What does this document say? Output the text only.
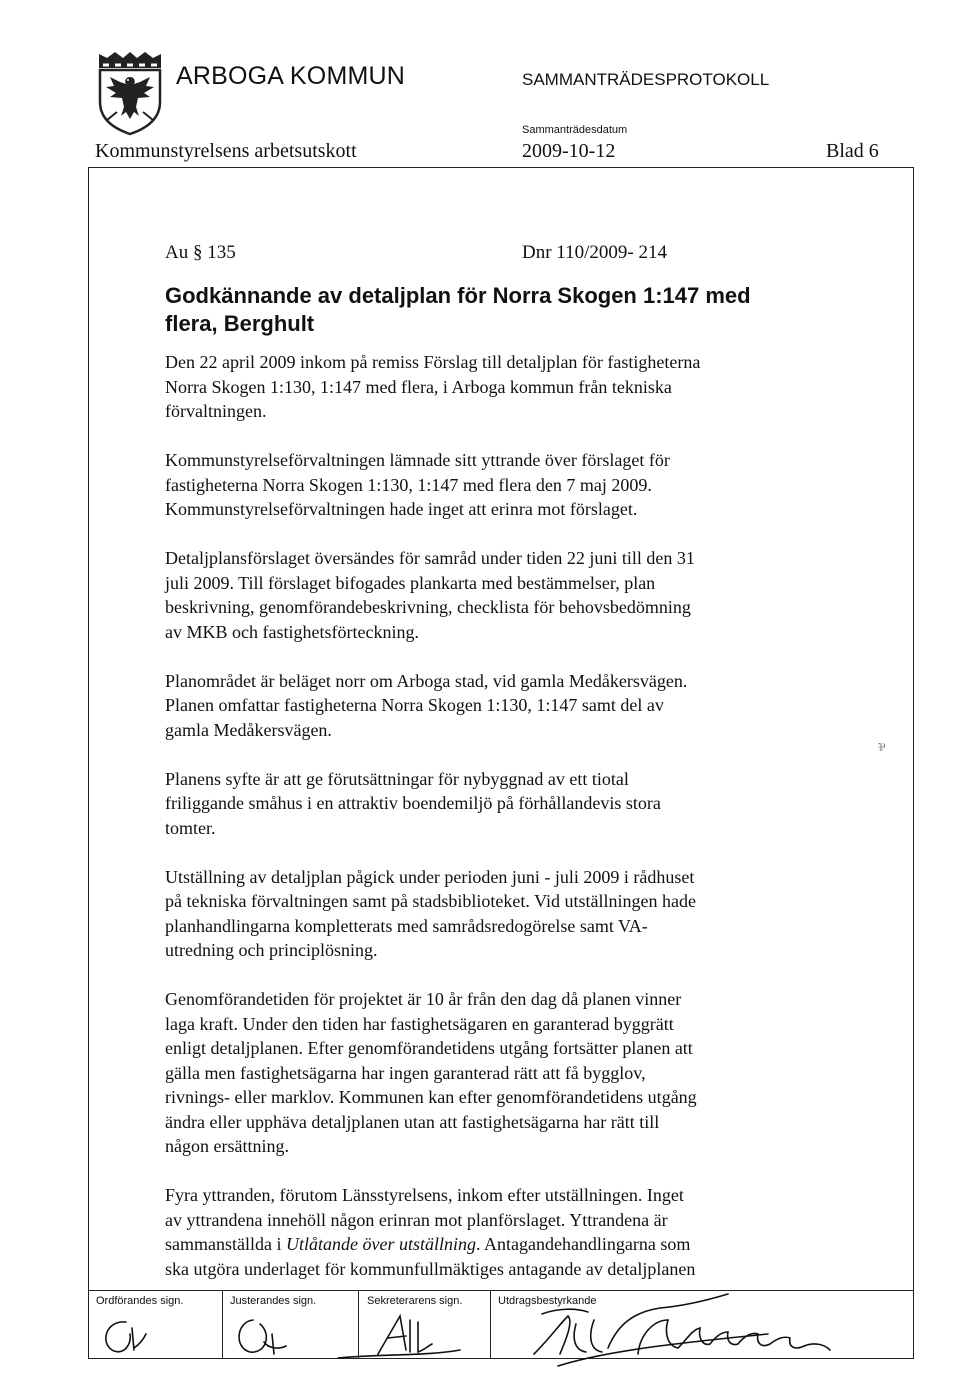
ARBOGA KOMMUN	SAMMANTRÄDESPROTOKOLL
Sammanträdesdatum
Kommunstyrelsens arbetsutskott	2009-10-12	Blad 6
Au § 135	Dnr 110/2009- 214
Godkännande av detaljplan för Norra Skogen 1:147 med
flera, Berghult

Den 22 april 2009 inkom på remiss Förslag till detaljplan för fastigheterna
Norra Skogen 1:130, 1:147 med flera, i Arboga kommun från tekniska
förvaltningen.

Kommunstyrelseförvaltningen lämnade sitt yttrande över förslaget för
fastigheterna Norra Skogen 1:130, 1:147 med flera den 7 maj 2009.
Kommunstyrelseförvaltningen hade inget att erinra mot förslaget.

Detaljplansförslaget översändes för samråd under tiden 22 juni till den 31
juli 2009. Till förslaget bifogades plankarta med bestämmelser, plan
beskrivning, genomförandebeskrivning, checklista för behovsbedömning
av MKB och fastighetsförteckning.

Planområdet är beläget norr om Arboga stad, vid gamla Medåkersvägen.
Planen omfattar fastigheterna Norra Skogen 1:130, 1:147 samt del av
gamla Medåkersvägen.

Planens syfte är att ge förutsättningar för nybyggnad av ett tiotal
friliggande småhus i en attraktiv boendemiljö på förhållandevis stora
tomter.

Utställning av detaljplan pågick under perioden juni - juli 2009 i rådhuset
på tekniska förvaltningen samt på stadsbiblioteket. Vid utställningen hade
planhandlingarna kompletterats med samrådsredogörelse samt VA-
utredning och principlösning.

Genomförandetiden för projektet är 10 år från den dag då planen vinner
laga kraft. Under den tiden har fastighetsägaren en garanterad byggrätt
enligt detaljplanen. Efter genomförandetidens utgång fortsätter planen att
gälla men fastighetsägarna har ingen garanterad rätt att få bygglov,
rivnings- eller marklov. Kommunen kan efter genomförandetidens utgång
ändra eller upphäva detaljplanen utan att fastighetsägarna har rätt till
någon ersättning.

Fyra yttranden, förutom Länsstyrelsens, inkom efter utställningen. Inget
av yttrandena innehöll någon erinran mot planförslaget. Yttrandena är
sammanställda i Utlåtande över utställning. Antagandehandlingarna som
ska utgöra underlaget för kommunfullmäktiges antagande av detaljplanen

⅌
Ordförandes sign.	Justerandes sign.	Sekreterarens sign.	Utdragsbestyrkande
